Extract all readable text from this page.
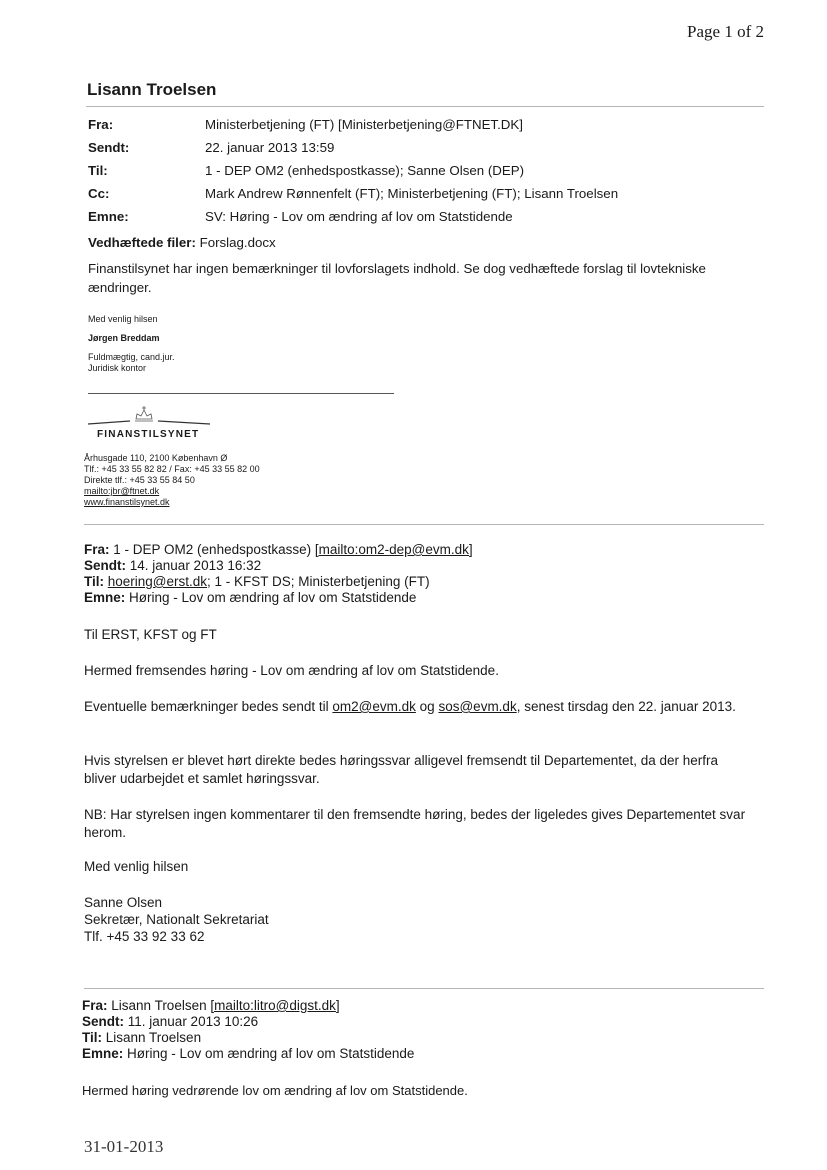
Page 1 of 2
31-01-2013
Lisann Troelsen
Fra:	Ministerbetjening (FT) [Ministerbetjening@FTNET.DK]
Sendt:	22. januar 2013 13:59
Til:	1 - DEP OM2 (enhedspostkasse); Sanne Olsen (DEP)
Cc:	Mark Andrew Rønnenfelt (FT); Ministerbetjening (FT); Lisann Troelsen
Emne:	SV: Høring - Lov om ændring af lov om Statstidende
Vedhæftede filer: Forslag.docx
Finanstilsynet har ingen bemærkninger til lovforslagets indhold. Se dog vedhæftede forslag til lovtekniske ændringer.
Med venlig hilsen
Jørgen Breddam
Fuldmægtig, cand.jur.
Juridisk kontor
FINANSTILSYNET
Århusgade 110, 2100 København Ø
Tlf.: +45 33 55 82 82 / Fax: +45 33 55 82 00
Direkte tlf.: +45 33 55 84 50
mailto:jbr@ftnet.dk
www.finanstilsynet.dk
Fra: 1 - DEP OM2 (enhedspostkasse) [mailto:om2-dep@evm.dk]
Sendt: 14. januar 2013 16:32
Til: hoering@erst.dk; 1 - KFST DS; Ministerbetjening (FT)
Emne: Høring - Lov om ændring af lov om Statstidende
Til ERST, KFST og FT
Hermed fremsendes høring - Lov om ændring af lov om Statstidende.
Eventuelle bemærkninger bedes sendt til om2@evm.dk og sos@evm.dk, senest tirsdag den 22. januar 2013.
Hvis styrelsen er blevet hørt direkte bedes høringssvar alligevel fremsendt til Departementet, da der herfra bliver udarbejdet et samlet høringssvar.
NB: Har styrelsen ingen kommentarer til den fremsendte høring, bedes der ligeledes gives Departementet svar herom.
Med venlig hilsen
Sanne Olsen
Sekretær, Nationalt Sekretariat
Tlf. +45 33 92 33 62
Fra: Lisann Troelsen [mailto:litro@digst.dk]
Sendt: 11. januar 2013 10:26
Til: Lisann Troelsen
Emne: Høring - Lov om ændring af lov om Statstidende
Hermed høring vedrørende lov om ændring af lov om Statstidende.
